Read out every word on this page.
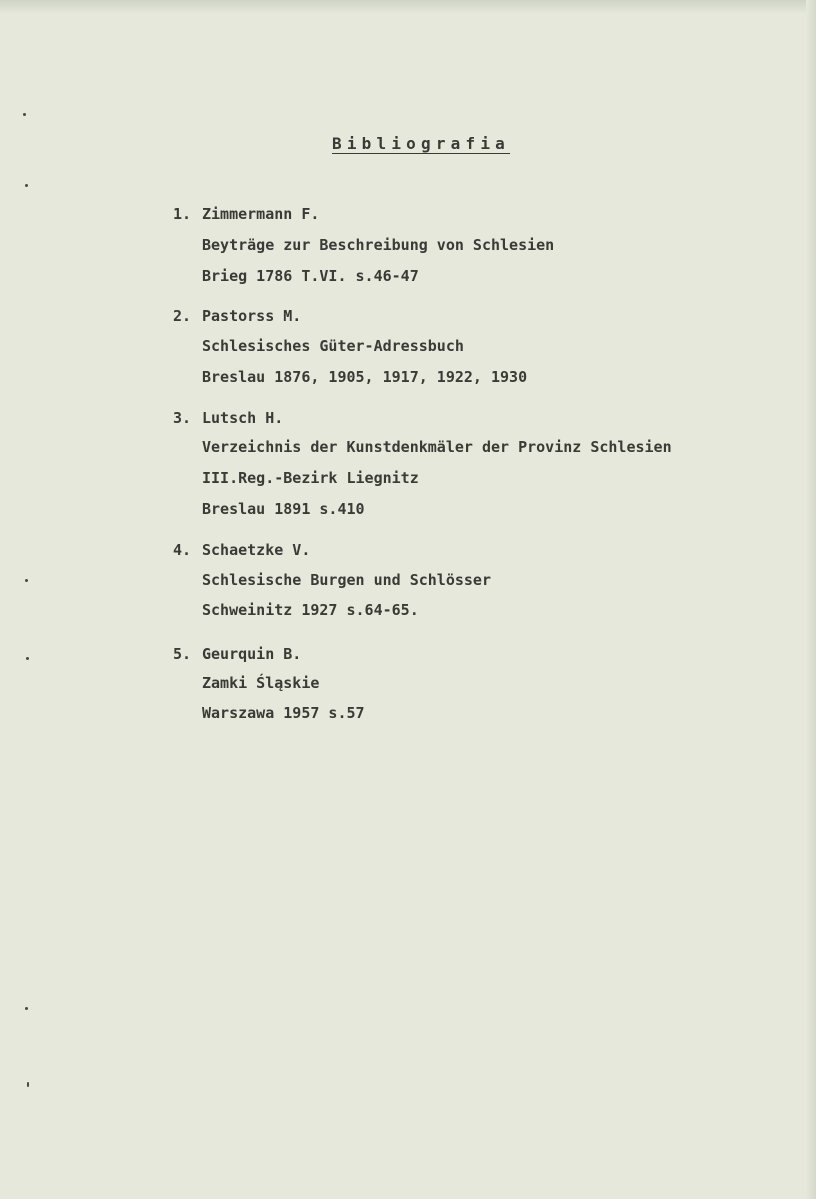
Bibliografia
1. Zimmermann F.
Beyträge zur Beschreibung von Schlesien
Brieg 1786 T.VI. s.46-47
2. Pastorss M.
Schlesisches Güter-Adressbuch
Breslau 1876, 1905, 1917, 1922, 1930
3. Lutsch H.
Verzeichnis der Kunstdenkmäler der Provinz Schlesien
III.Reg.-Bezirk Liegnitz
Breslau 1891 s.410
4. Schaetzke V.
Schlesische Burgen und Schlösser
Schweinitz 1927 s.64-65.
5. Geurquin B.
Zamki Śląskie
Warszawa 1957 s.57
